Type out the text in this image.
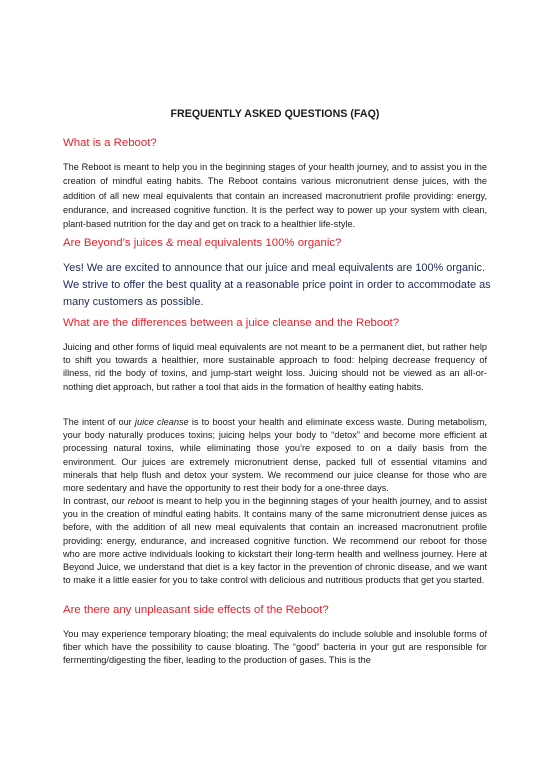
FREQUENTLY ASKED QUESTIONS (FAQ)
What is a Reboot?

The Reboot is meant to help you in the beginning stages of your health journey, and to assist you in the creation of mindful eating habits. The Reboot contains various micronutrient dense juices, with the addition of all new meal equivalents that contain an increased macronutrient profile providing: energy, endurance, and increased cognitive function. It is the perfect way to power up your system with clean, plant-based nutrition for the day and get on track to a healthier life-style.

Are Beyond’s juices & meal equivalents 100% organic?

Yes! We are excited to announce that our juice and meal equivalents are 100% organic. We strive to offer the best quality at a reasonable price point in order to accommodate as many customers as possible.

What are the differences between a juice cleanse and the Reboot?

Juicing and other forms of liquid meal equivalents are not meant to be a permanent diet, but rather help to shift you towards a healthier, more sustainable approach to food: helping decrease frequency of illness, rid the body of toxins, and jump-start weight loss. Juicing should not be viewed as an all-or-nothing diet approach, but rather a tool that aids in the formation of healthy eating habits.

The intent of our juice cleanse is to boost your health and eliminate excess waste. During metabolism, your body naturally produces toxins; juicing helps your body to “detox” and become more efficient at processing natural toxins, while eliminating those you’re exposed to on a daily basis from the environment. Our juices are extremely micronutrient dense, packed full of essential vitamins and minerals that help flush and detox your system. We recommend our juice cleanse for those who are more sedentary and have the opportunity to rest their body for a one-three days.

In contrast, our reboot is meant to help you in the beginning stages of your health journey, and to assist you in the creation of mindful eating habits. It contains many of the same micronutrient dense juices as before, with the addition of all new meal equivalents that contain an increased macronutrient profile providing: energy, endurance, and increased cognitive function. We recommend our reboot for those who are more active individuals looking to kickstart their long-term health and wellness journey. Here at Beyond Juice, we understand that diet is a key factor in the prevention of chronic disease, and we want to make it a little easier for you to take control with delicious and nutritious products that get you started.

Are there any unpleasant side effects of the Reboot?

You may experience temporary bloating; the meal equivalents do include soluble and insoluble forms of fiber which have the possibility to cause bloating. The “good” bacteria in your gut are responsible for fermenting/digesting the fiber, leading to the production of gases. This is the
